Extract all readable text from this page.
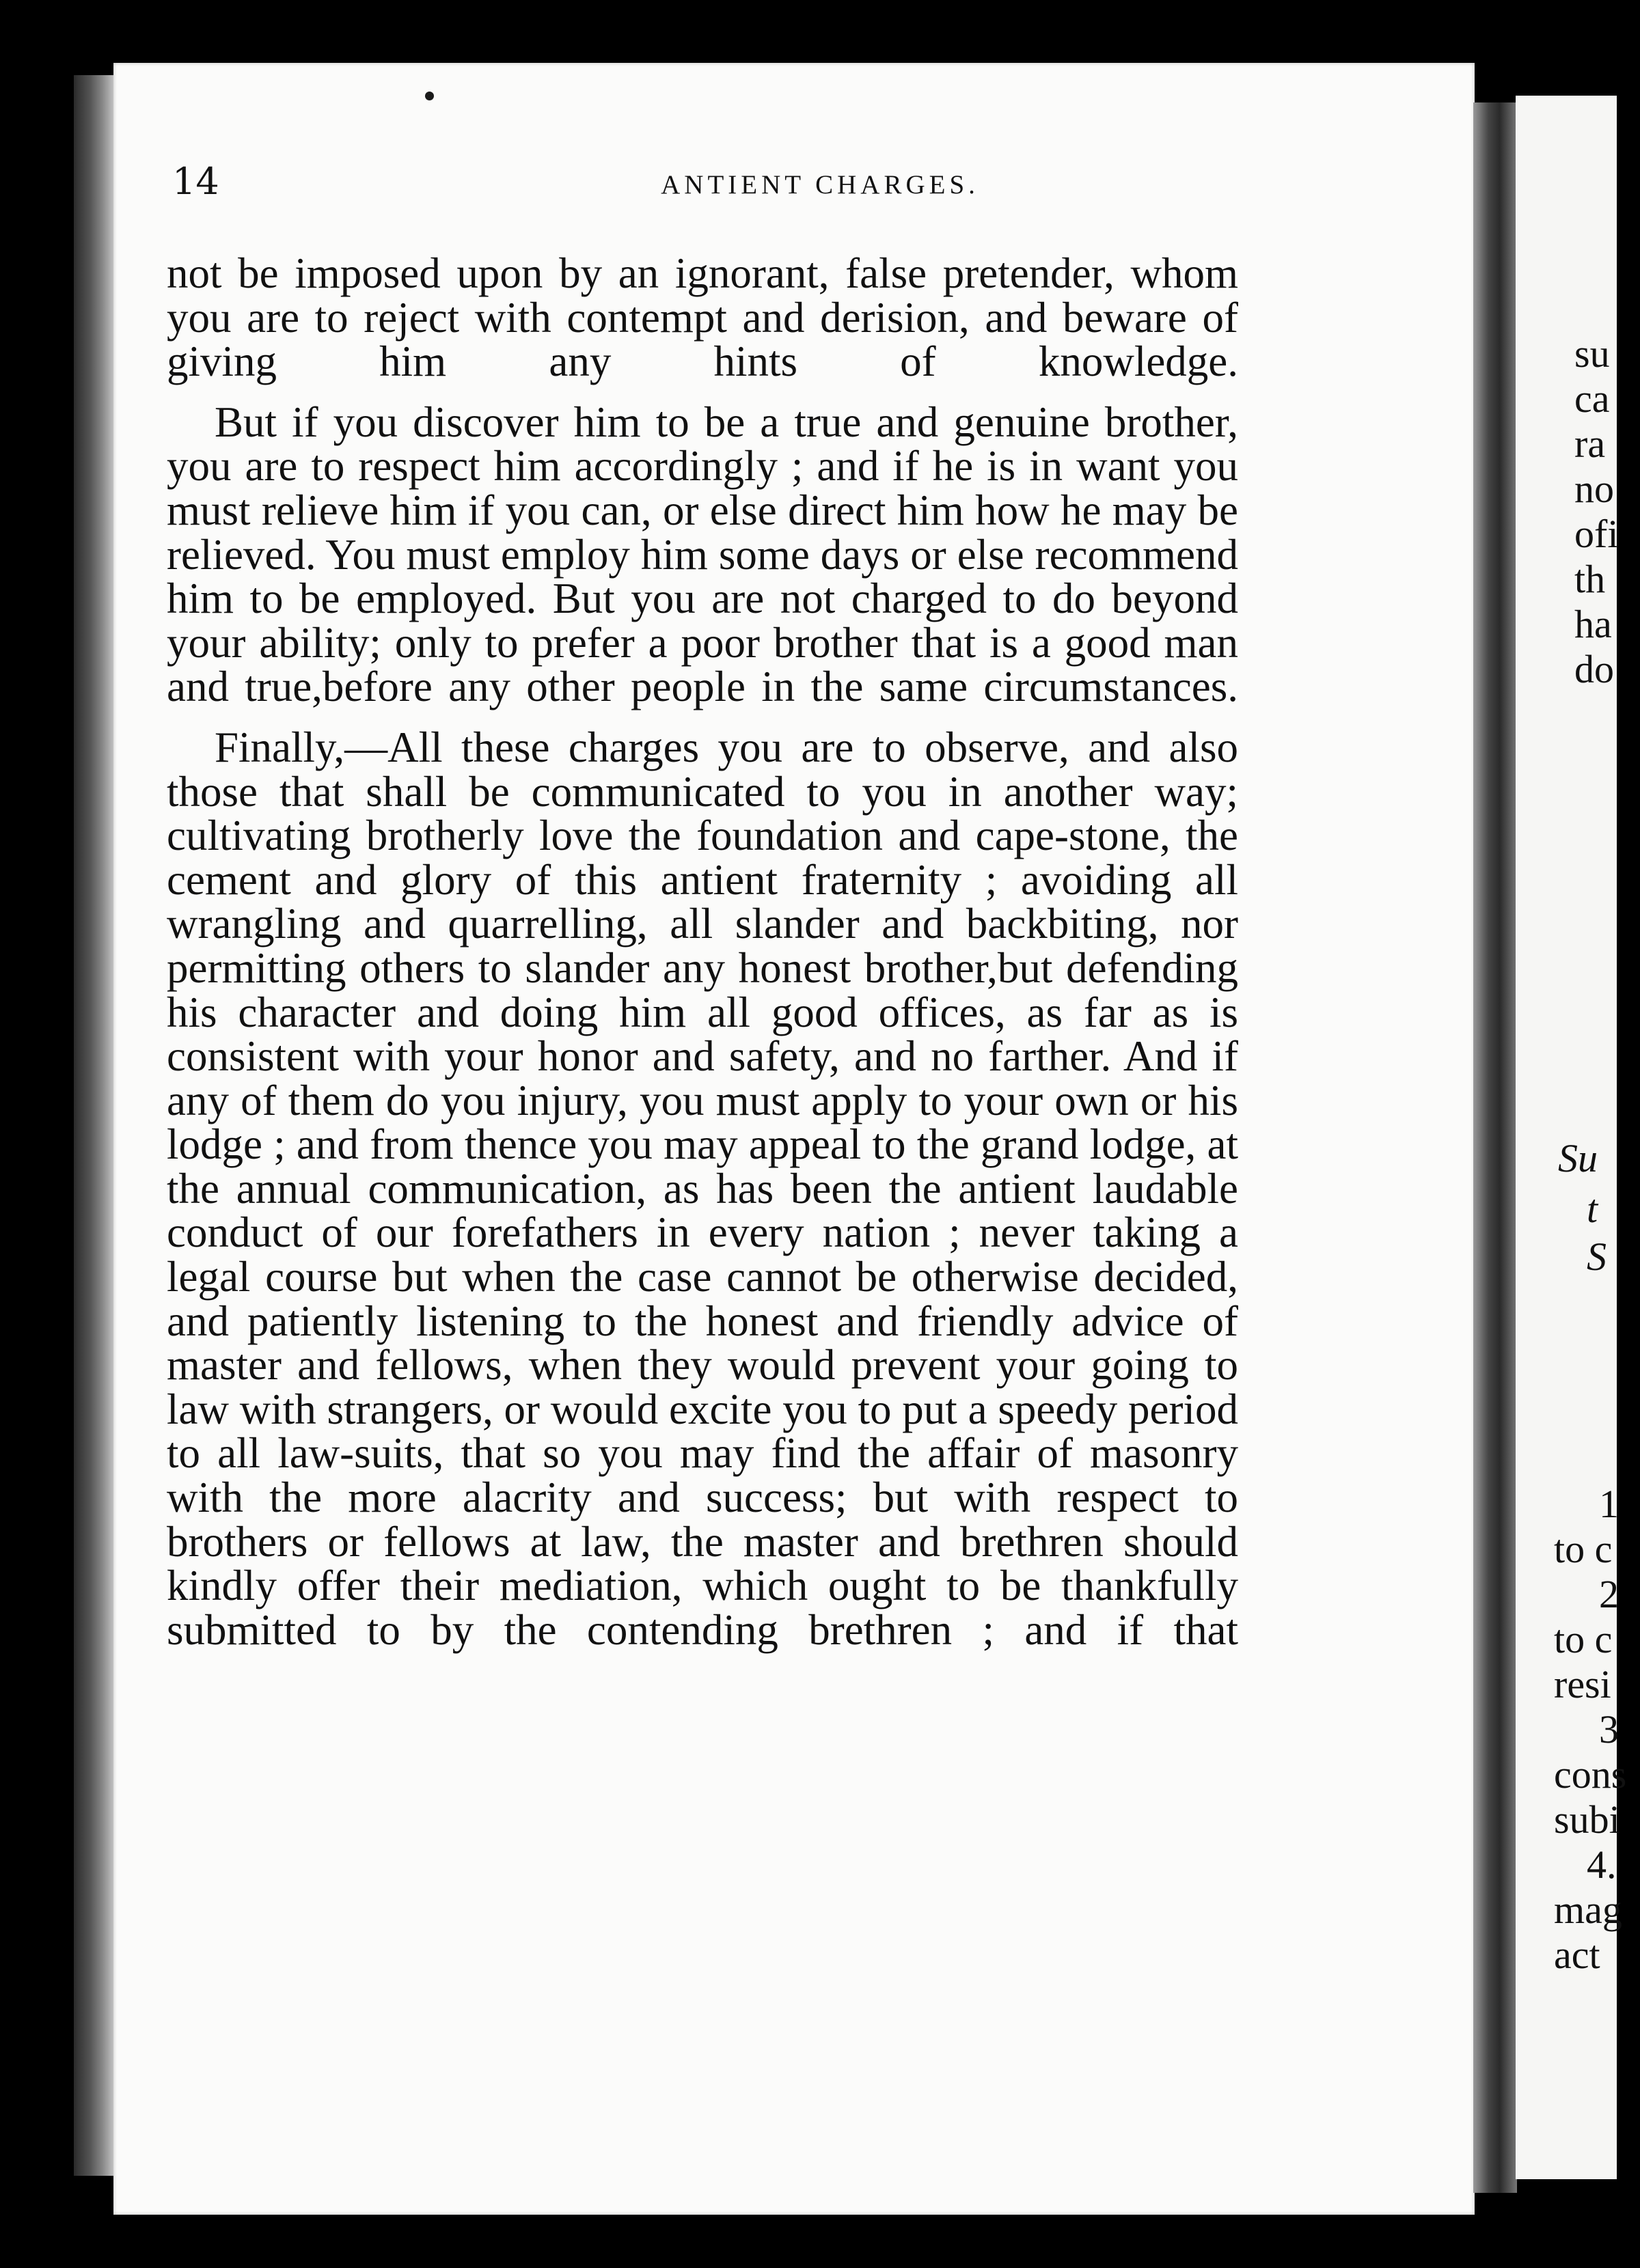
14	ANTIENT CHARGES.

not be imposed upon by an ignorant, false pretender, whom you are to reject with contempt and derision, and beware of giving him any hints of knowledge.

But if you discover him to be a true and genuine brother, you are to respect him accordingly ; and if he is in want you must relieve him if you can, or else direct him how he may be relieved. You must employ him some days or else recommend him to be employed. But you are not charged to do beyond your ability; only to prefer a poor brother that is a good man and true,before any other people in the same circumstances.

Finally,—All these charges you are to observe, and also those that shall be communicated to you in another way; cultivating brotherly love the foundation and cape-stone, the cement and glory of this antient fraternity ; avoiding all wrangling and quarrelling, all slander and backbiting, nor permitting others to slander any honest brother,but defending his character and doing him all good offices, as far as is consistent with your honor and safety, and no farther. And if any of them do you injury, you must apply to your own or his lodge ; and from thence you may appeal to the grand lodge, at the annual communication, as has been the antient laudable conduct of our forefathers in every nation ; never taking a legal course but when the case cannot be otherwise decided, and patiently listening to the honest and friendly advice of master and fellows, when they would prevent your going to law with strangers, or would excite you to put a speedy period to all law-suits, that so you may find the affair of masonry with the more alacrity and success; but with respect to brothers or fellows at law, the master and brethren should kindly offer their mediation, which ought to be thankfully submitted to by the contending brethren ; and if that

su
ca
ra
no
ofi
th
ha
do
Su
t
S
1
to c
2
to c
resi
3
cons
subi
4.
mag
act
